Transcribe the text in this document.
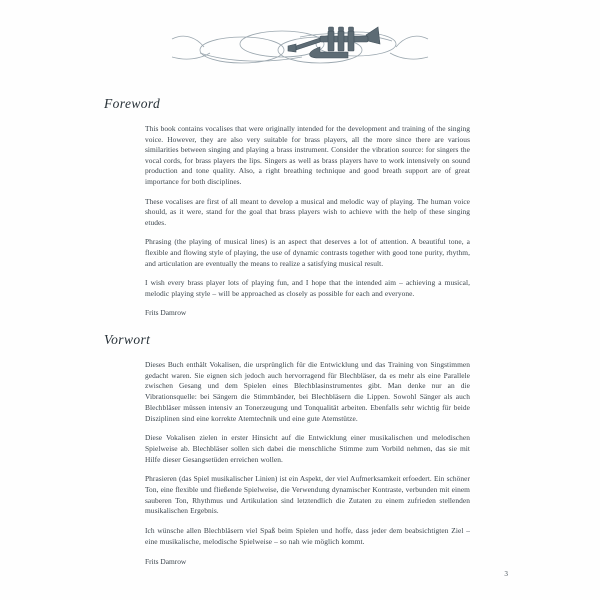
Foreword

This book contains vocalises that were originally intended for the development and training of the singing voice. However, they are also very suitable for brass players, all the more since there are various similarities between singing and playing a brass instrument. Consider the vibration source: for singers the vocal cords, for brass players the lips. Singers as well as brass players have to work intensively on sound production and tone quality. Also, a right breathing technique and good breath support are of great importance for both disciplines.

These vocalises are first of all meant to develop a musical and melodic way of playing. The human voice should, as it were, stand for the goal that brass players wish to achieve with the help of these singing etudes.

Phrasing (the playing of musical lines) is an aspect that deserves a lot of attention. A beautiful tone, a flexible and flowing style of playing, the use of dynamic contrasts together with good tone purity, rhythm, and articulation are eventually the means to realize a satisfying musical result.

I wish every brass player lots of playing fun, and I hope that the intended aim – achieving a musical, melodic playing style – will be approached as closely as possible for each and everyone.

Frits Damrow

Vorwort

Dieses Buch enthält Vokalisen, die ursprünglich für die Entwicklung und das Training von Singstimmen gedacht waren. Sie eignen sich jedoch auch hervorragend für Blechbläser, da es mehr als eine Parallele zwischen Gesang und dem Spielen eines Blechblasinstrumentes gibt. Man denke nur an die Vibrationsquelle: bei Sängern die Stimmbänder, bei Blechbläsern die Lippen. Sowohl Sänger als auch Blechbläser müssen intensiv an Tonerzeugung und Tonqualität arbeiten. Ebenfalls sehr wichtig für beide Disziplinen sind eine korrekte Atemtechnik und eine gute Atemstütze.

Diese Vokalisen zielen in erster Hinsicht auf die Entwicklung einer musikalischen und melodischen Spielweise ab. Blechbläser sollen sich dabei die menschliche Stimme zum Vorbild nehmen, das sie mit Hilfe dieser Gesangsetüden erreichen wollen.

Phrasieren (das Spiel musikalischer Linien) ist ein Aspekt, der viel Aufmerksamkeit erfoedert. Ein schöner Ton, eine flexible und fließende Spielweise, die Verwendung dynamischer Kontraste, verbunden mit einem sauberen Ton, Rhythmus und Artikulation sind letztendlich die Zutaten zu einem zufrieden stellenden musikalischen Ergebnis.

Ich wünsche allen Blechbläsern viel Spaß beim Spielen und hoffe, dass jeder dem beabsichtigten Ziel – eine musikalische, melodische Spielweise – so nah wie möglich kommt.

Frits Damrow

3
